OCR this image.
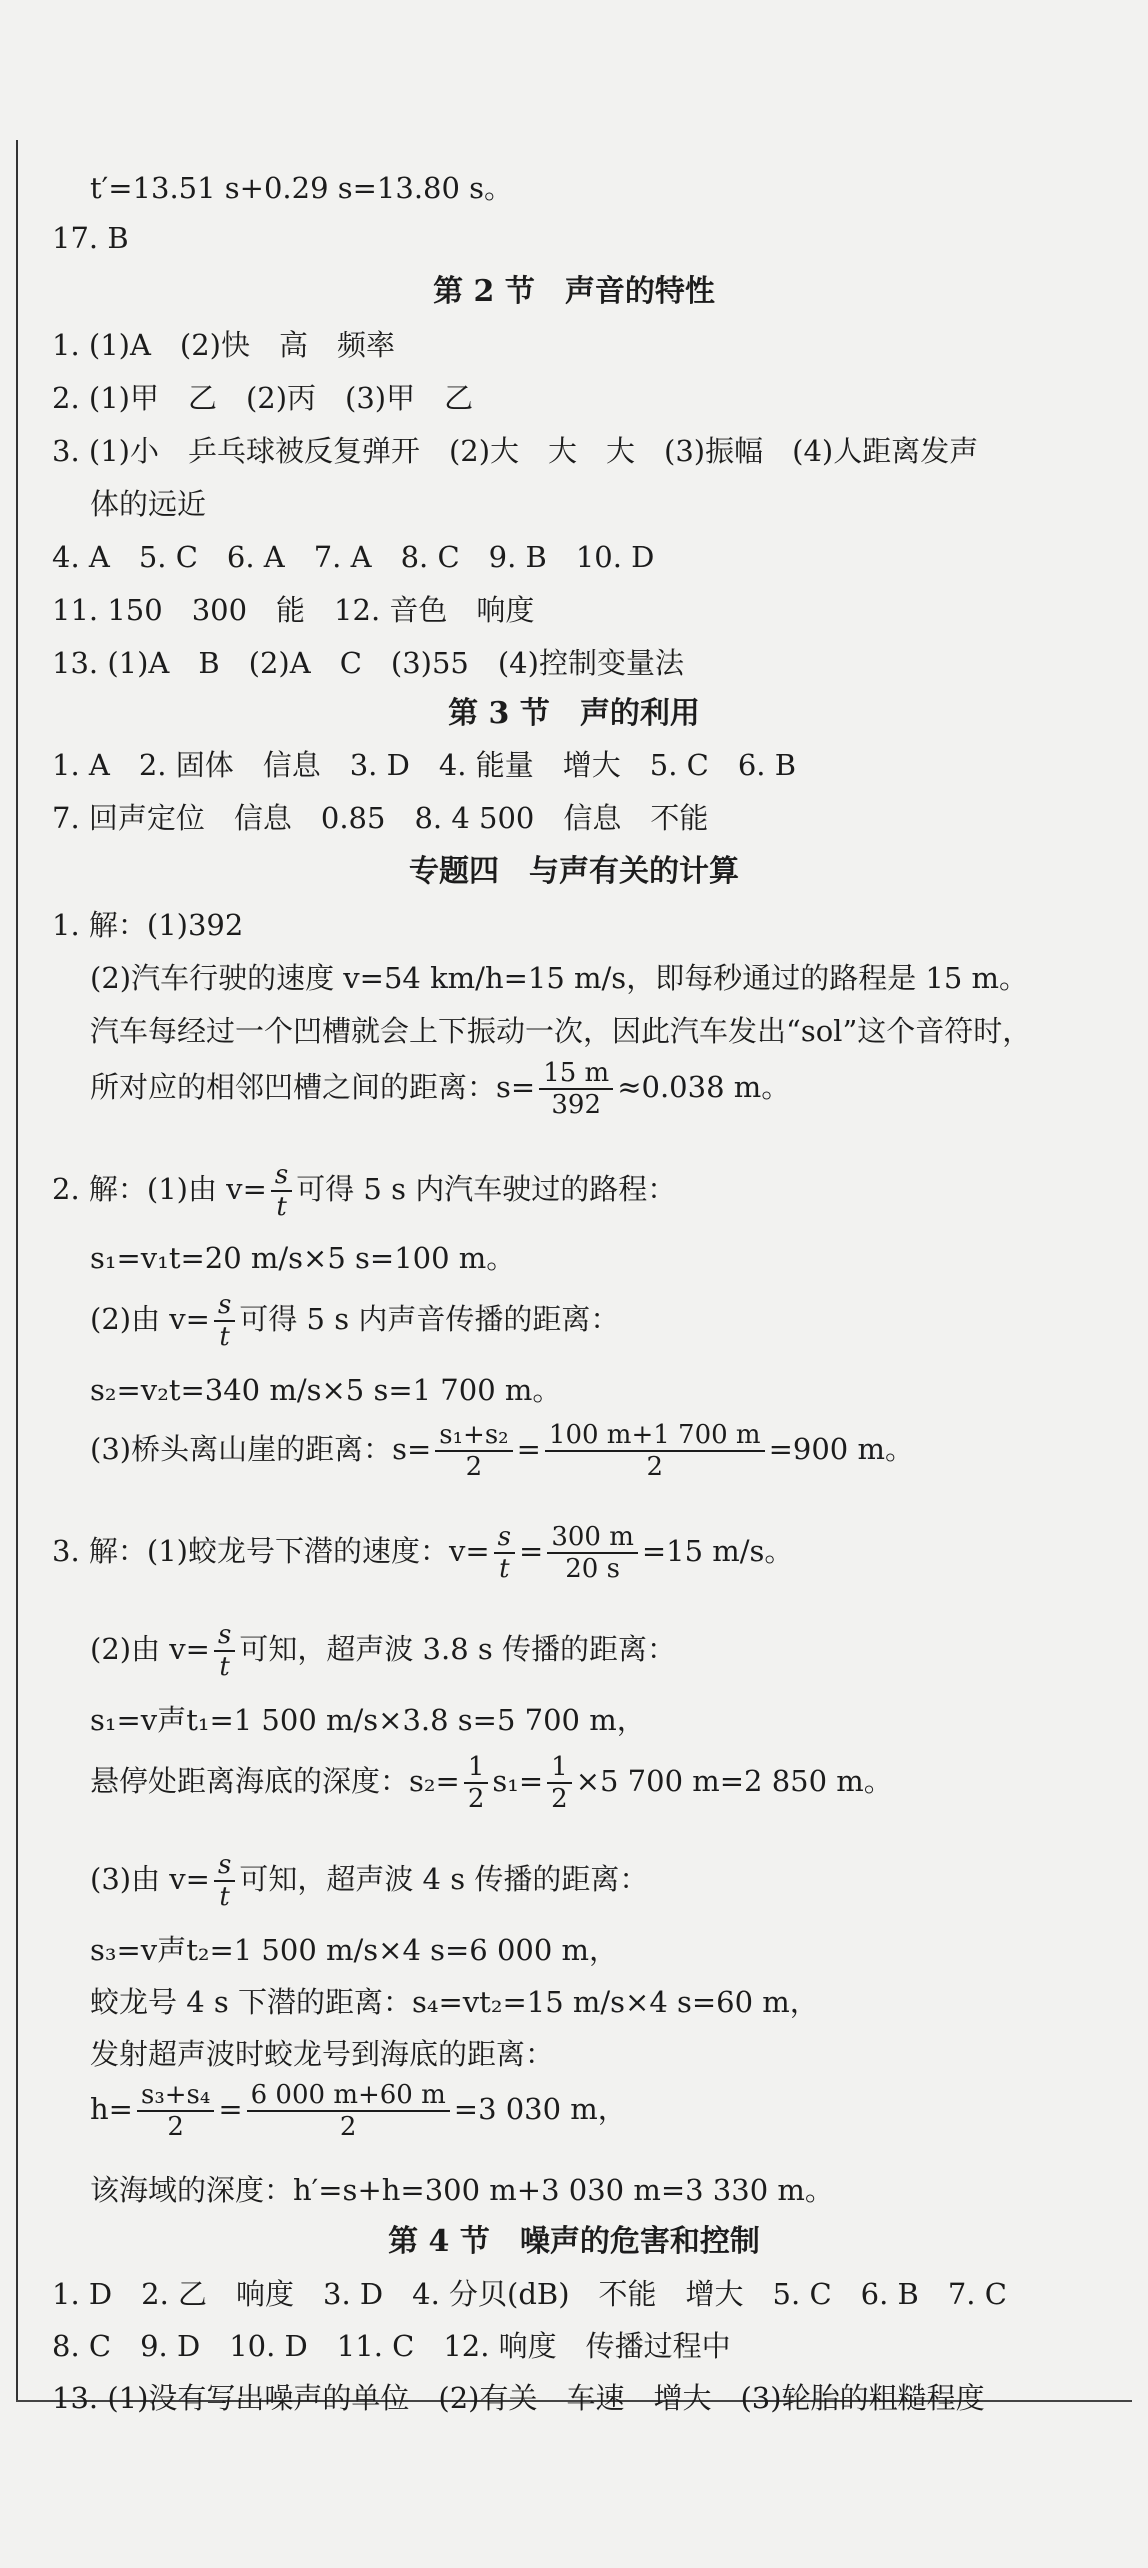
t′=13.51 s+0.29 s=13.80 s。
17. B
第 2 节　声音的特性
1. (1)A　(2)快　高　频率
2. (1)甲　乙　(2)丙　(3)甲　乙
3. (1)小　乒乓球被反复弹开　(2)大　大　大　(3)振幅　(4)人距离发声
体的远近
4. A　5. C　6. A　7. A　8. C　9. B　10. D
11. 150　300　能　12. 音色　响度
13. (1)A　B　(2)A　C　(3)55　(4)控制变量法
第 3 节　声的利用
1. A　2. 固体　信息　3. D　4. 能量　增大　5. C　6. B
7. 回声定位　信息　0.85　8. 4 500　信息　不能
专题四　与声有关的计算
1. 解：(1)392
(2)汽车行驶的速度 v=54 km/h=15 m/s，即每秒通过的路程是 15 m。
汽车每经过一个凹槽就会上下振动一次，因此汽车发出“sol”这个音符时，
所对应的相邻凹槽之间的距离：$s= \frac{15 m}{392} \approx 0.038$ m。
2. 解：(1)由 $v= \frac{s}{t}$ 可得 5 s 内汽车驶过的路程：
s₁=v₁t=20 m/s×5 s=100 m。
(2)由 $v= \frac{s}{t}$ 可得 5 s 内声音传播的距离：
s₂=v₂t=340 m/s×5 s=1 700 m。
(3)桥头离山崖的距离：$s= \frac{\text{s₁+s₂}}{2} = \frac{100 m+1 700 m}{2} =900$ m。
3. 解：(1)蛟龙号下潜的速度：$v= \frac{s}{t} = \frac{300 m}{20 s} =15$ m/s。
(2)由 $v= \frac{s}{t}$ 可知，超声波 3.8 s 传播的距离：
s₁=v声t₁=1 500 m/s×3.8 s=5 700 m，
悬停处距离海底的深度：$s_2= \frac{1}{2} s_1= \frac{1}{2} \times 5$ 700 m=2 850 m。
(3)由 $v= \frac{s}{t}$ 可知，超声波 4 s 传播的距离：
s₃=v声t₂=1 500 m/s×4 s=6 000 m，
蛟龙号 4 s 下潜的距离：s₄=vt₂=15 m/s×4 s=60 m，
发射超声波时蛟龙号到海底的距离：
$h= \frac{\text{s₃+s₄}}{2} = \frac{6 000 m+60 m}{2} =3$ 030 m，
该海域的深度：h′=s+h=300 m+3 030 m=3 330 m。
第 4 节　噪声的危害和控制
1. D　2. 乙　响度　3. D　4. 分贝(dB)　不能　增大　5. C　6. B　7. C
8. C　9. D　10. D　11. C　12. 响度　传播过程中
13. (1)没有写出噪声的单位　(2)有关　车速　增大　(3)轮胎的粗糙程度
